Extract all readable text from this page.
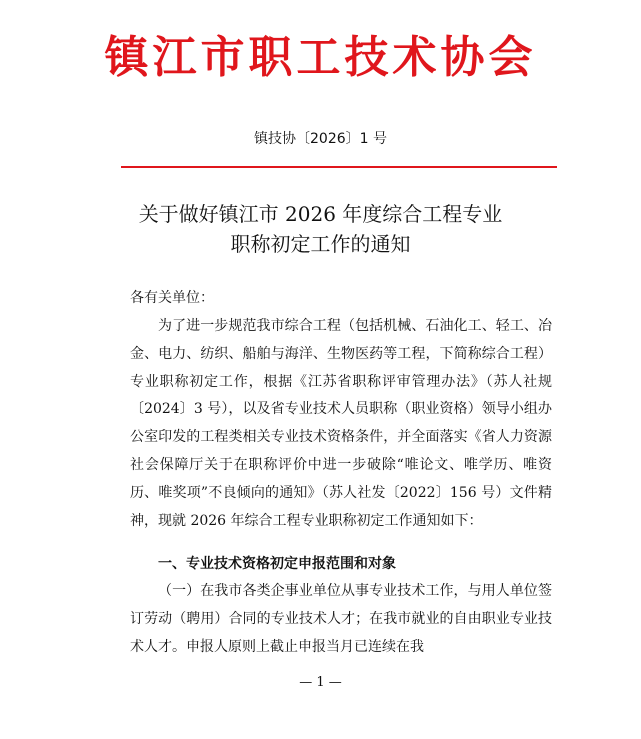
镇江市职工技术协会
镇技协〔2026〕1 号
关于做好镇江市 2026 年度综合工程专业
职称初定工作的通知
各有关单位：
为了进一步规范我市综合工程（包括机械、石油化工、轻工、冶金、电力、纺织、船舶与海洋、生物医药等工程，下简称综合工程）专业职称初定工作，根据《江苏省职称评审管理办法》（苏人社规〔2024〕3 号），以及省专业技术人员职称（职业资格）领导小组办公室印发的工程类相关专业技术资格条件，并全面落实《省人力资源社会保障厅关于在职称评价中进一步破除“唯论文、唯学历、唯资历、唯奖项”不良倾向的通知》（苏人社发〔2022〕156 号）文件精神，现就 2026 年综合工程专业职称初定工作通知如下：
一、专业技术资格初定申报范围和对象
（一）在我市各类企事业单位从事专业技术工作，与用人单位签订劳动（聘用）合同的专业技术人才；在我市就业的自由职业专业技术人才。申报人原则上截止申报当月已连续在我
— 1 —
